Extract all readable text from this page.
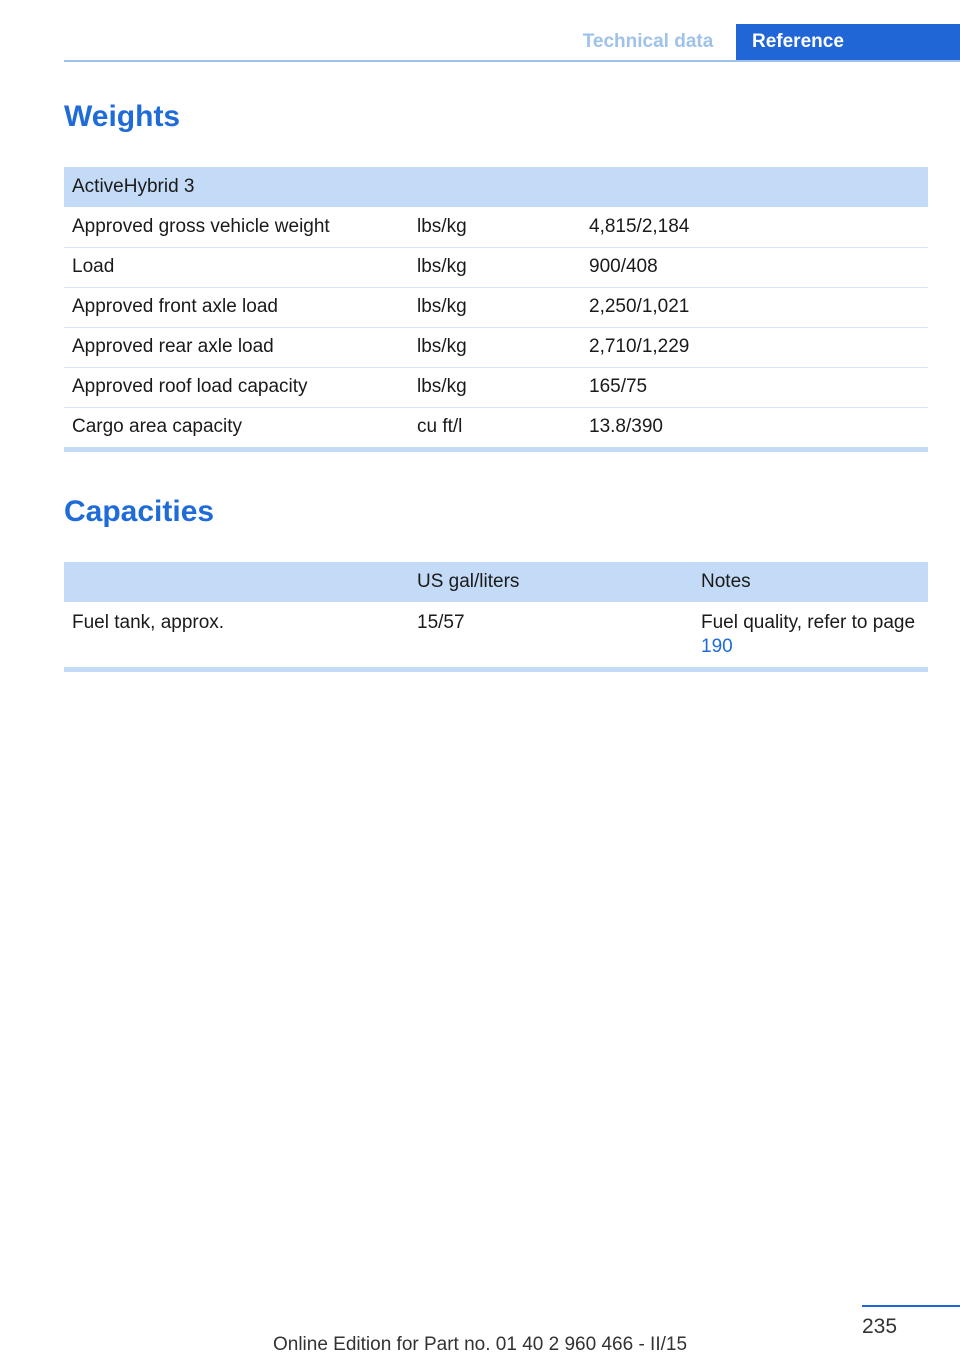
Technical data	Reference
Weights
ActiveHybrid 3		
Approved gross vehicle weight	lbs/kg	4,815/2,184
Load	lbs/kg	900/408
Approved front axle load	lbs/kg	2,250/1,021
Approved rear axle load	lbs/kg	2,710/1,229
Approved roof load capacity	lbs/kg	165/75
Cargo area capacity	cu ft/l	13.8/390
Capacities
	US gal/liters	Notes
Fuel tank, approx.	15/57	Fuel quality, refer to page 190
235
Online Edition for Part no. 01 40 2 960 466 - II/15
